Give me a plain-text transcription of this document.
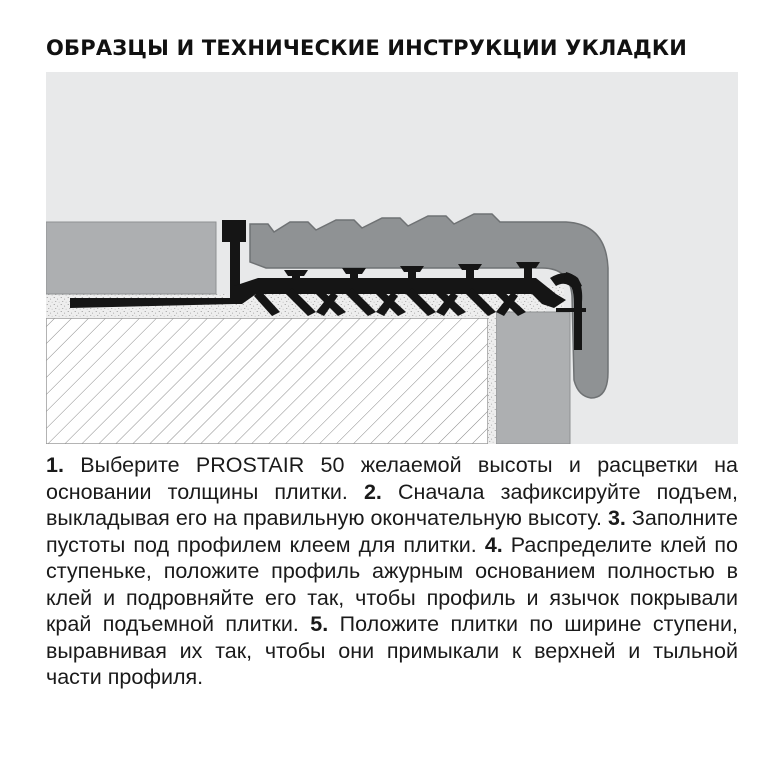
ОБРАЗЦЫ И ТЕХНИЧЕСКИЕ ИНСТРУКЦИИ УКЛАДКИ

1. Выберите PROSTAIR 50 желаемой высоты и расцветки на основании толщины плитки. 2. Сначала зафиксируйте подъем, выкладывая его на правильную окончательную высоту. 3. Заполните пустоты под профилем клеем для плитки. 4. Распределите клей по ступеньке, положите профиль ажурным основанием полностью в клей и подровняйте его так, чтобы профиль и язычок покрывали край подъемной плитки. 5. Положите плитки по ширине ступени, выравнивая их так, чтобы они примыкали к верхней и тыльной части профиля.
